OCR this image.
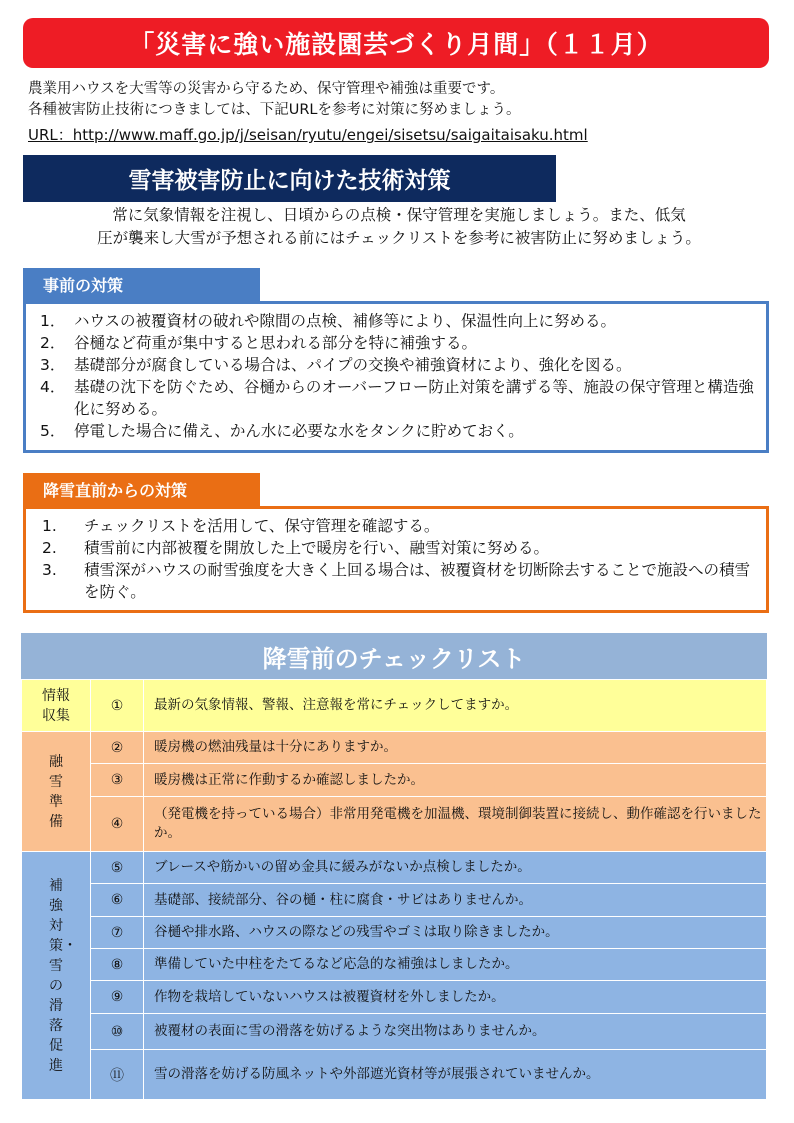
「災害に強い施設園芸づくり月間」（１１月）
農業用ハウスを大雪等の災害から守るため、保守管理や補強は重要です。
各種被害防止技術につきましては、下記URLを参考に対策に努めましょう。
URL：http://www.maff.go.jp/j/seisan/ryutu/engei/sisetsu/saigaitaisaku.html
雪害被害防止に向けた技術対策
常に気象情報を注視し、日頃からの点検・保守管理を実施しましょう。また、低気
圧が襲来し大雪が予想される前にはチェックリストを参考に被害防止に努めましょう。
事前の対策
1． ハウスの被覆資材の破れや隙間の点検、補修等により、保温性向上に努める。
2． 谷樋など荷重が集中すると思われる部分を特に補強する。
3． 基礎部分が腐食している場合は、パイプの交換や補強資材により、強化を図る。
4． 基礎の沈下を防ぐため、谷樋からのオーバーフロー防止対策を講ずる等、施設の保守管理と構造強化に努める。
5． 停電した場合に備え、かん水に必要な水をタンクに貯めておく。
降雪直前からの対策
1.	チェックリストを活用して、保守管理を確認する。
2.	積雪前に内部被覆を開放した上で暖房を行い、融雪対策に努める。
3.	積雪深がハウスの耐雪強度を大きく上回る場合は、被覆資材を切断除去することで施設への積雪を防ぐ。
降雪前のチェックリスト
情報収集	①	最新の気象情報、警報、注意報を常にチェックしてますか。

融雪準備	②	暖房機の燃油残量は十分にありますか。
	③	暖房機は正常に作動するか確認しましたか。
	④	（発電機を持っている場合）非常用発電機を加温機、環境制御装置に接続し、動作確認を行いましたか。

補強対策・雪の滑落促進	⑤	ブレースや筋かいの留め金具に緩みがないか点検しましたか。
	⑥	基礎部、接続部分、谷の樋・柱に腐食・サビはありませんか。
	⑦	谷樋や排水路、ハウスの際などの残雪やゴミは取り除きましたか。
	⑧	準備していた中柱をたてるなど応急的な補強はしましたか。
	⑨	作物を栽培していないハウスは被覆資材を外しましたか。
	⑩	被覆材の表面に雪の滑落を妨げるような突出物はありませんか。
	⑪	雪の滑落を妨げる防風ネットや外部遮光資材等が展張されていませんか。
